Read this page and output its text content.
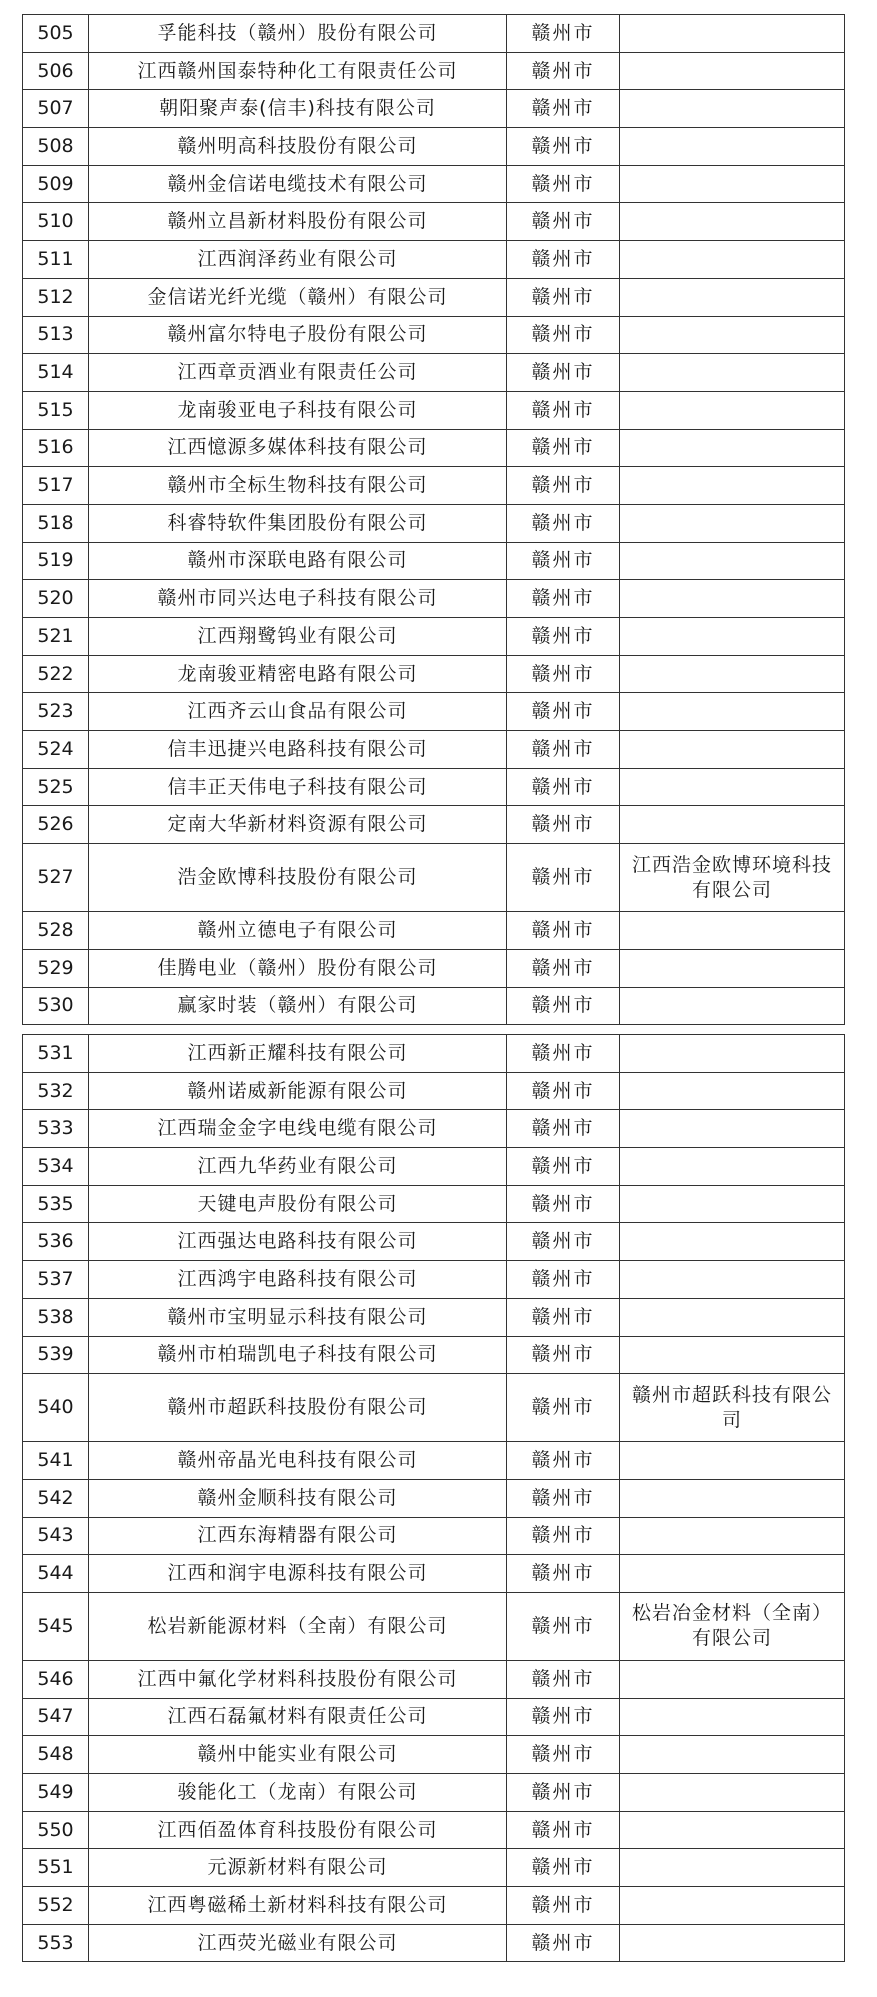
505	孚能科技（赣州）股份有限公司	赣州市	
506	江西赣州国泰特种化工有限责任公司	赣州市	
507	朝阳聚声泰(信丰)科技有限公司	赣州市	
508	赣州明高科技股份有限公司	赣州市	
509	赣州金信诺电缆技术有限公司	赣州市	
510	赣州立昌新材料股份有限公司	赣州市	
511	江西润泽药业有限公司	赣州市	
512	金信诺光纤光缆（赣州）有限公司	赣州市	
513	赣州富尔特电子股份有限公司	赣州市	
514	江西章贡酒业有限责任公司	赣州市	
515	龙南骏亚电子科技有限公司	赣州市	
516	江西憶源多媒体科技有限公司	赣州市	
517	赣州市全标生物科技有限公司	赣州市	
518	科睿特软件集团股份有限公司	赣州市	
519	赣州市深联电路有限公司	赣州市	
520	赣州市同兴达电子科技有限公司	赣州市	
521	江西翔鹭钨业有限公司	赣州市	
522	龙南骏亚精密电路有限公司	赣州市	
523	江西齐云山食品有限公司	赣州市	
524	信丰迅捷兴电路科技有限公司	赣州市	
525	信丰正天伟电子科技有限公司	赣州市	
526	定南大华新材料资源有限公司	赣州市	
527	浩金欧博科技股份有限公司	赣州市	江西浩金欧博环境科技有限公司
528	赣州立德电子有限公司	赣州市	
529	佳腾电业（赣州）股份有限公司	赣州市	
530	赢家时装（赣州）有限公司	赣州市	
531	江西新正耀科技有限公司	赣州市	
532	赣州诺威新能源有限公司	赣州市	
533	江西瑞金金字电线电缆有限公司	赣州市	
534	江西九华药业有限公司	赣州市	
535	天键电声股份有限公司	赣州市	
536	江西强达电路科技有限公司	赣州市	
537	江西鸿宇电路科技有限公司	赣州市	
538	赣州市宝明显示科技有限公司	赣州市	
539	赣州市柏瑞凯电子科技有限公司	赣州市	
540	赣州市超跃科技股份有限公司	赣州市	赣州市超跃科技有限公司
541	赣州帝晶光电科技有限公司	赣州市	
542	赣州金顺科技有限公司	赣州市	
543	江西东海精器有限公司	赣州市	
544	江西和润宇电源科技有限公司	赣州市	
545	松岩新能源材料（全南）有限公司	赣州市	松岩冶金材料（全南）有限公司
546	江西中氟化学材料科技股份有限公司	赣州市	
547	江西石磊氟材料有限责任公司	赣州市	
548	赣州中能实业有限公司	赣州市	
549	骏能化工（龙南）有限公司	赣州市	
550	江西佰盈体育科技股份有限公司	赣州市	
551	元源新材料有限公司	赣州市	
552	江西粤磁稀土新材料科技有限公司	赣州市	
553	江西荧光磁业有限公司	赣州市	
